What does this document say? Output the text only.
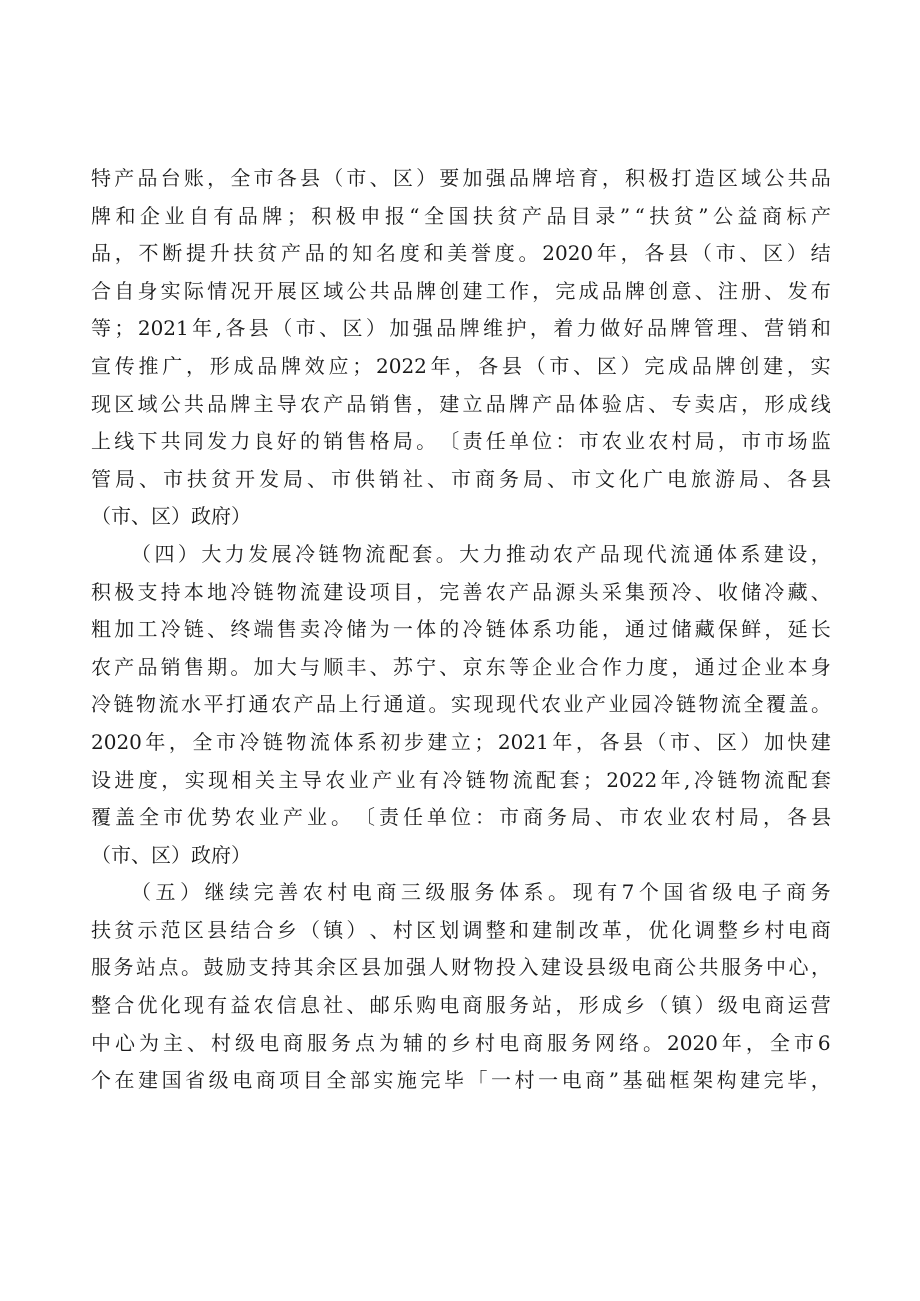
特 产 品 台 账 ， 全 市 各 县 （ 市 、 区 ） 要 加 强 品 牌 培 育 ， 积 极 打 造 区 域 公 共 品
牌 和 企 业 自 有 品 牌 ； 积 极 申 报 “ 全 国 扶 贫 产 品 目 录 ” “ 扶 贫 ” 公 益 商 标 产
品 ， 不 断 提 升 扶 贫 产 品 的 知 名 度 和 美 誉 度 。 2020 年 ， 各 县 （ 市 、 区 ） 结
合 自 身 实 际 情 况 开 展 区 域 公 共 品 牌 创 建 工 作 ， 完 成 品 牌 创 意 、 注 册 、 发 布
等 ； 2021 年 , 各 县 （ 市 、 区 ） 加 强 品 牌 维 护 ， 着 力 做 好 品 牌 管 理 、 营 销 和
宣 传 推 广 ， 形 成 品 牌 效 应 ； 2022 年 ， 各 县 （ 市 、 区 ） 完 成 品 牌 创 建 ， 实
现 区 域 公 共 品 牌 主 导 农 产 品 销 售 ， 建 立 品 牌 产 品 体 验 店 、 专 卖 店 ， 形 成 线
上 线 下 共 同 发 力 良 好 的 销 售 格 局 。 〔 责 任 单 位 ： 市 农 业 农 村 局 ， 市 市 场 监
管 局 、 市 扶 贫 开 发 局 、 市 供 销 社 、 市 商 务 局 、 市 文 化 广 电 旅 游 局 、 各 县
（ 市 、 区 ） 政 府 ）
（ 四 ） 大 力 发 展 冷 链 物 流 配 套 。 大 力 推 动 农 产 品 现 代 流 通 体 系 建 设 ，
积 极 支 持 本 地 冷 链 物 流 建 设 项 目 ， 完 善 农 产 品 源 头 采 集 预 冷 、 收 储 冷 藏 、
粗 加 工 冷 链 、 终 端 售 卖 冷 储 为 一 体 的 冷 链 体 系 功 能 ， 通 过 储 藏 保 鲜 ， 延 长
农 产 品 销 售 期 。 加 大 与 顺 丰 、 苏 宁 、 京 东 等 企 业 合 作 力 度 ， 通 过 企 业 本 身
冷 链 物 流 水 平 打 通 农 产 品 上 行 通 道 。 实 现 现 代 农 业 产 业 园 冷 链 物 流 全 覆 盖 。
2020 年 ， 全 市 冷 链 物 流 体 系 初 步 建 立 ； 2021 年 ， 各 县 （ 市 、 区 ） 加 快 建
设 进 度 ， 实 现 相 关 主 导 农 业 产 业 有 冷 链 物 流 配 套 ； 2022 年 , 冷 链 物 流 配 套
覆 盖 全 市 优 势 农 业 产 业 。 〔 责 任 单 位 ： 市 商 务 局 、 市 农 业 农 村 局 ， 各 县
（ 市 、 区 ） 政 府 ）
（ 五 ） 继 续 完 善 农 村 电 商 三 级 服 务 体 系 。 现 有 7 个 国 省 级 电 子 商 务
扶 贫 示 范 区 县 结 合 乡 （ 镇 ） 、 村 区 划 调 整 和 建 制 改 革 ， 优 化 调 整 乡 村 电 商
服 务 站 点 。 鼓 励 支 持 其 余 区 县 加 强 人 财 物 投 入 建 设 县 级 电 商 公 共 服 务 中 心 ，
整 合 优 化 现 有 益 农 信 息 社 、 邮 乐 购 电 商 服 务 站 ， 形 成 乡 （ 镇 ） 级 电 商 运 营
中 心 为 主 、 村 级 电 商 服 务 点 为 辅 的 乡 村 电 商 服 务 网 络 。 2020 年 ， 全 市 6
个 在 建 国 省 级 电 商 项 目 全 部 实 施 完 毕 「 一 村 一 电 商 ” 基 础 框 架 构 建 完 毕 ，
